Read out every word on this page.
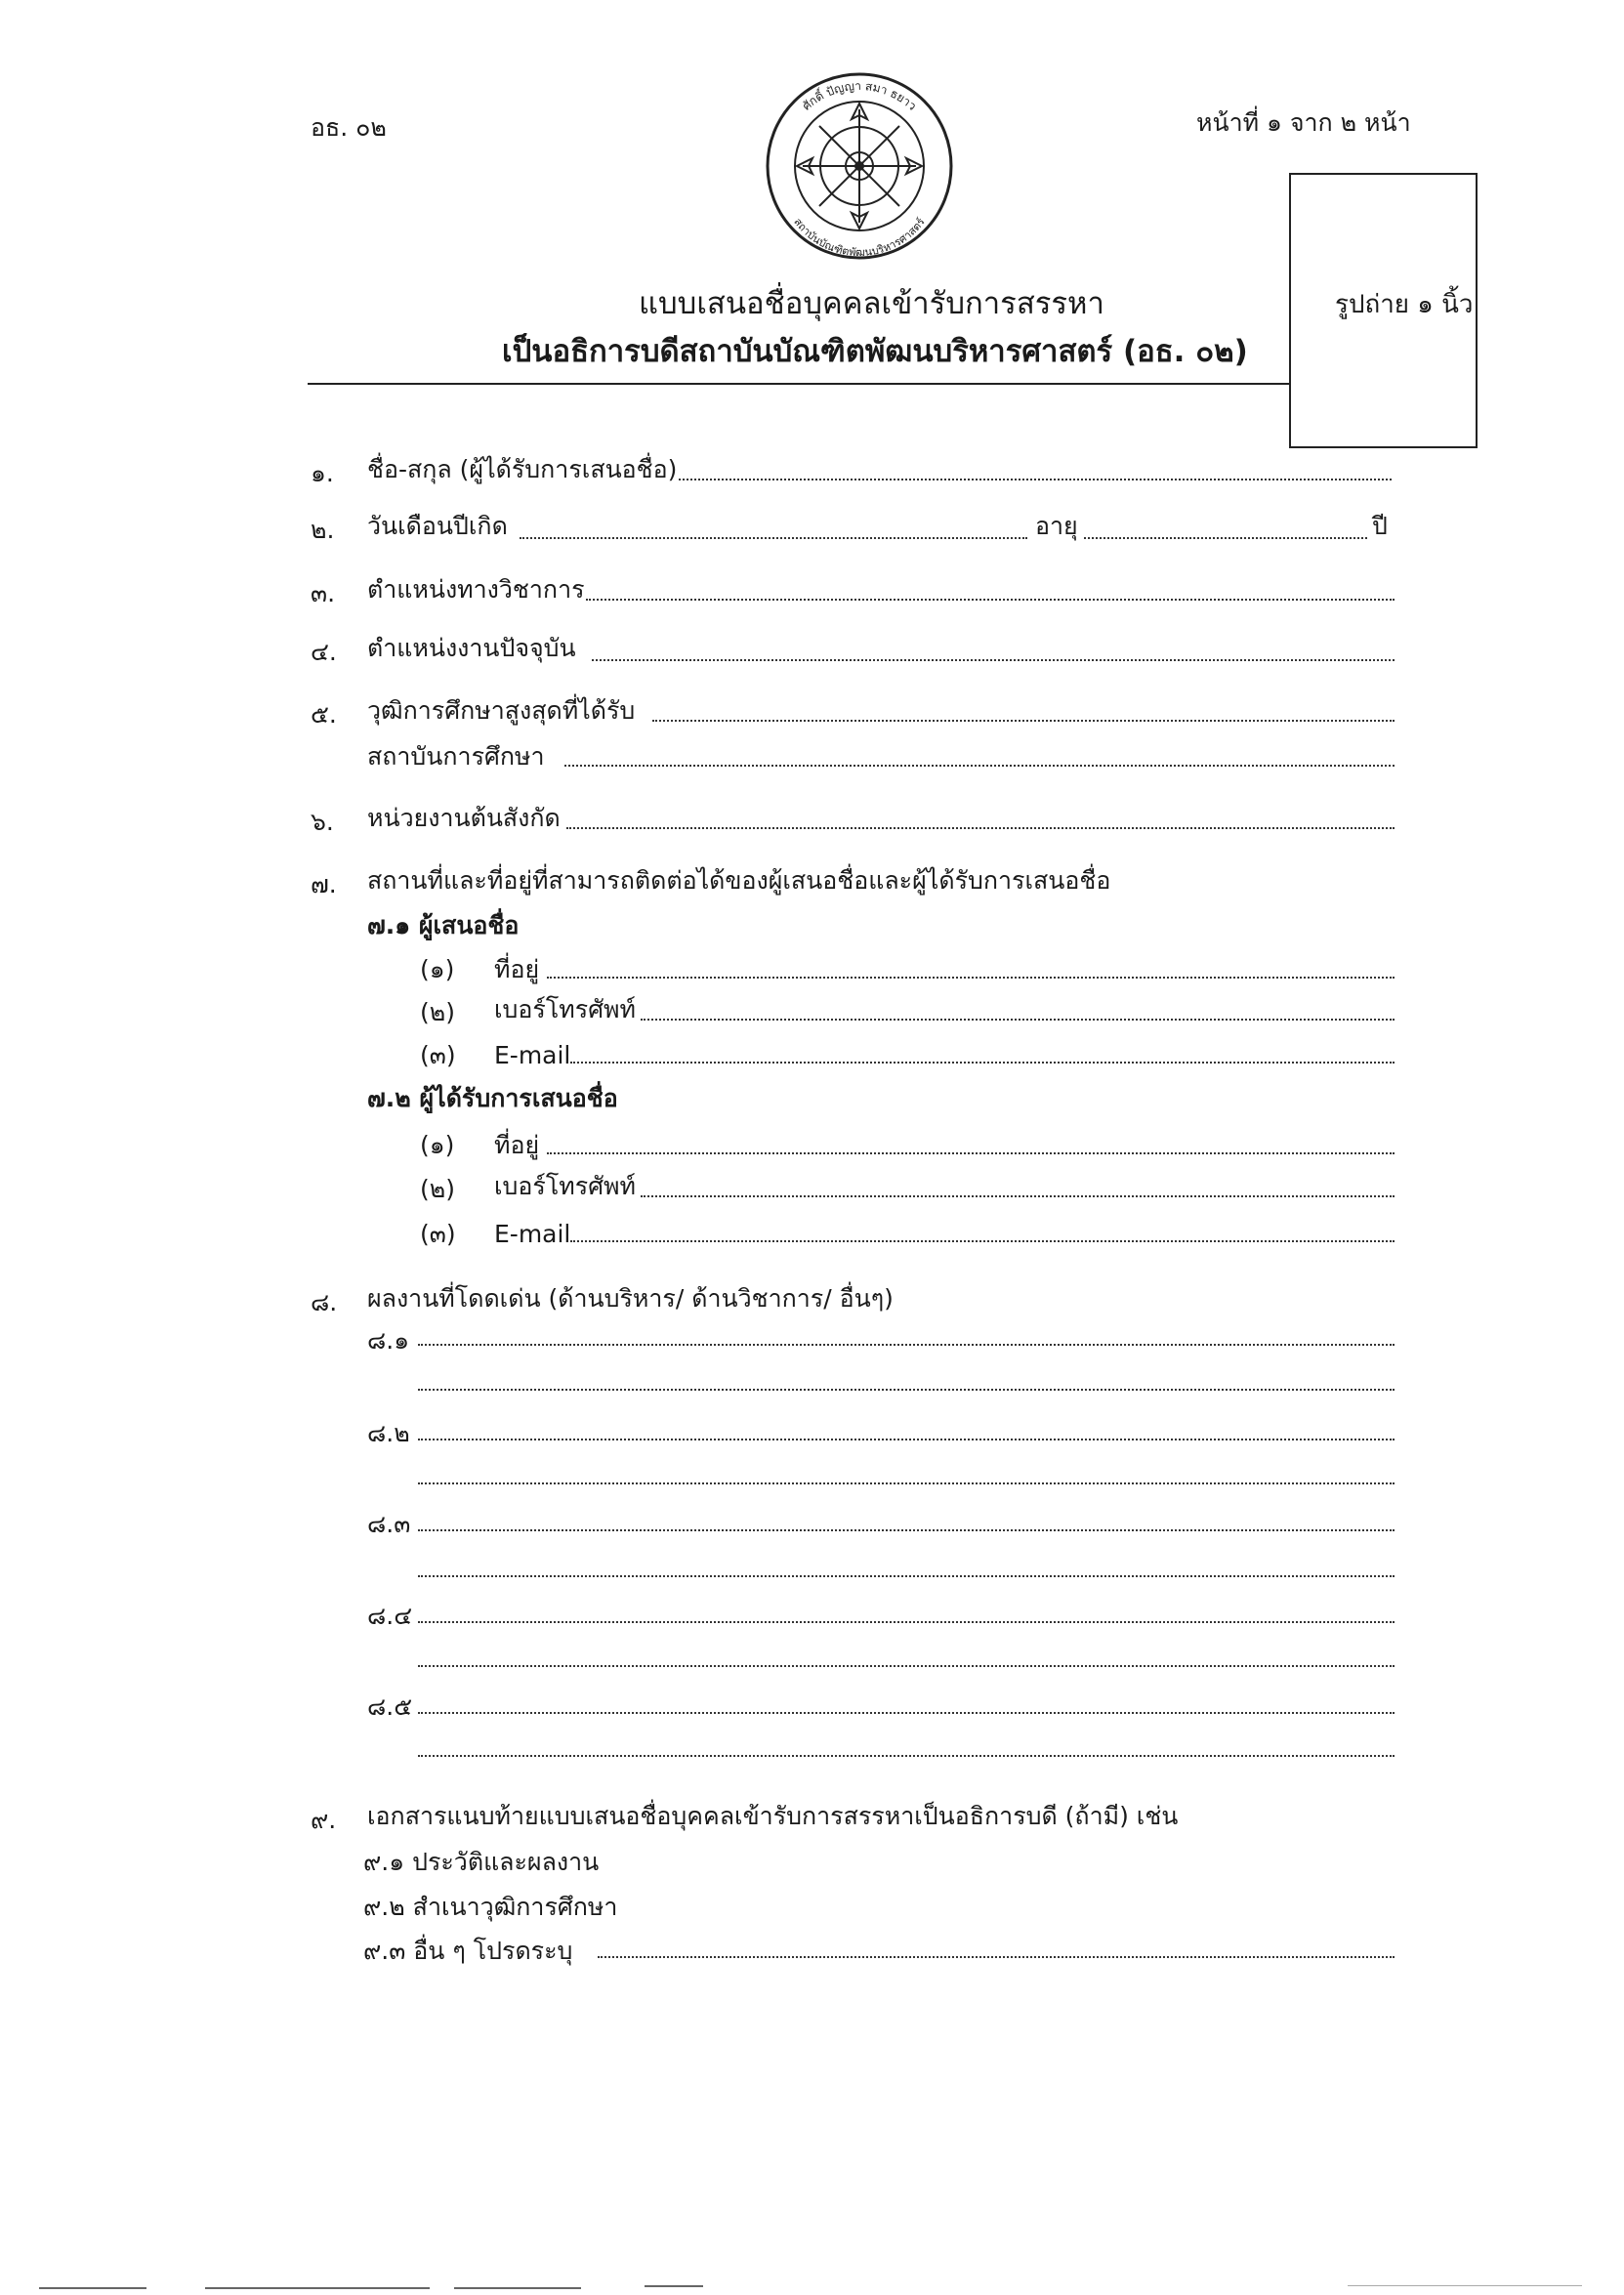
อธ. ๐๒	หน้าที่ ๑ จาก ๒ หน้า
ศักดิ์ ปัญญา สมา ธยาว
สถาบันบัณฑิตพัฒนบริหารศาสตร์
รูปถ่าย ๑ นิ้ว
แบบเสนอชื่อบุคคลเข้ารับการสรรหา
เป็นอธิการบดีสถาบันบัณฑิตพัฒนบริหารศาสตร์ (อธ. ๐๒)
๑. ชื่อ-สกุล (ผู้ได้รับการเสนอชื่อ)
๒. วันเดือนปีเกิด	อายุ	ปี
๓. ตำแหน่งทางวิชาการ
๔. ตำแหน่งงานปัจจุบัน
๕. วุฒิการศึกษาสูงสุดที่ได้รับ
สถาบันการศึกษา
๖. หน่วยงานต้นสังกัด
๗. สถานที่และที่อยู่ที่สามารถติดต่อได้ของผู้เสนอชื่อและผู้ได้รับการเสนอชื่อ
๗.๑ ผู้เสนอชื่อ
(๑) ที่อยู่
(๒) เบอร์โทรศัพท์
(๓) E-mail
๗.๒ ผู้ได้รับการเสนอชื่อ
(๑) ที่อยู่
(๒) เบอร์โทรศัพท์
(๓) E-mail
๘. ผลงานที่โดดเด่น (ด้านบริหาร/ ด้านวิชาการ/ อื่นๆ)
๘.๑
๘.๒
๘.๓
๘.๔
๘.๕
๙. เอกสารแนบท้ายแบบเสนอชื่อบุคคลเข้ารับการสรรหาเป็นอธิการบดี (ถ้ามี) เช่น
๙.๑ ประวัติและผลงาน
๙.๒ สำเนาวุฒิการศึกษา
๙.๓ อื่น ๆ โปรดระบุ
